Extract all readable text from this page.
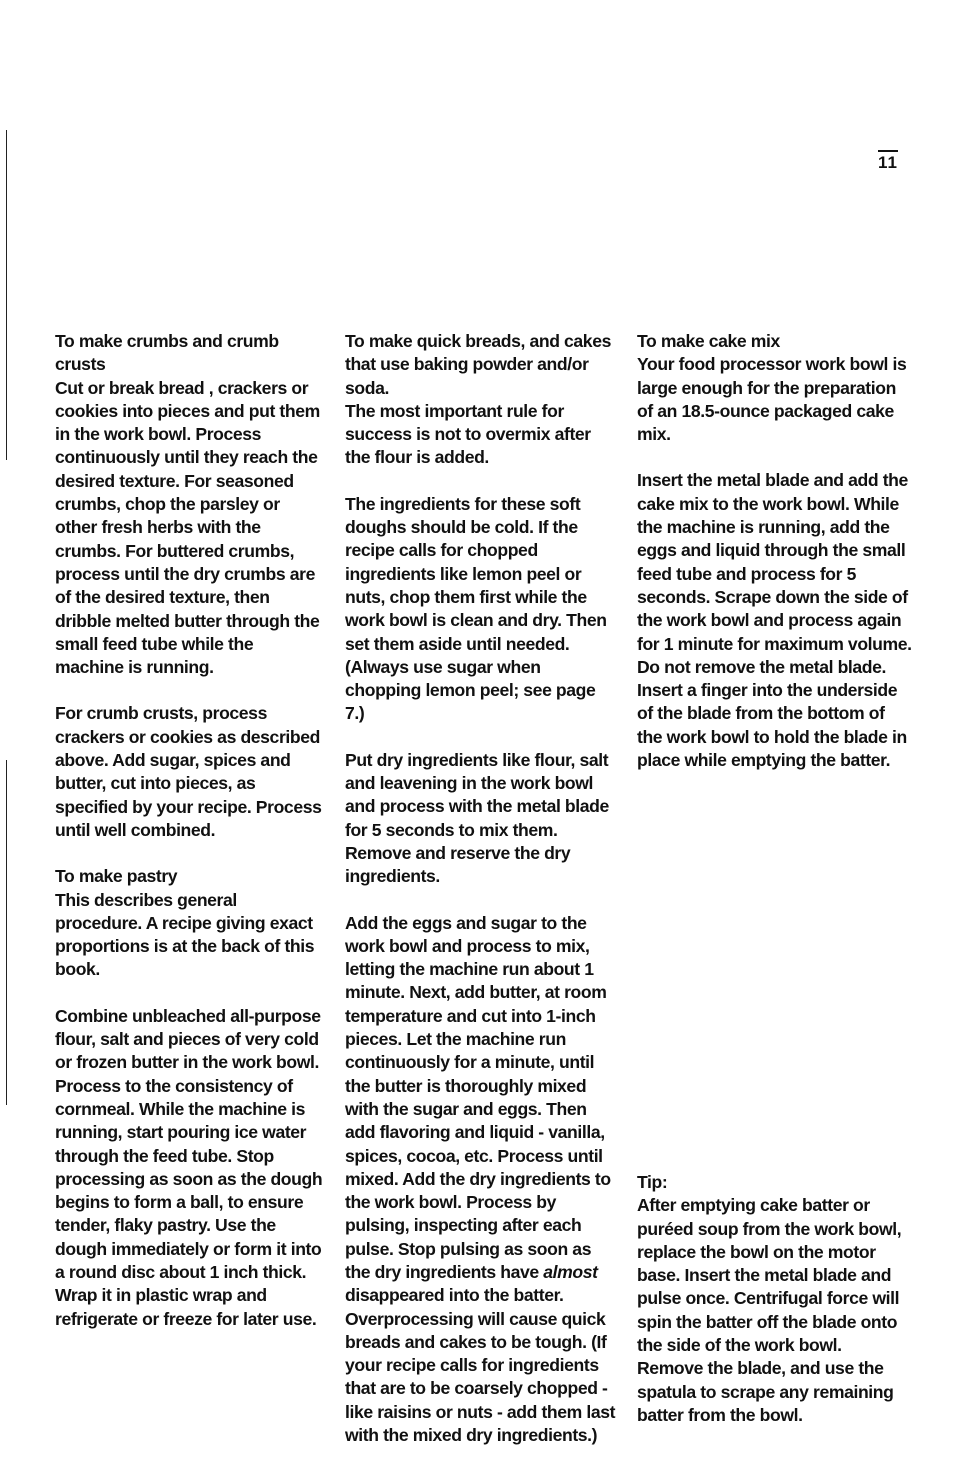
11

To make crumbs and crumb crusts

Cut or break bread , crackers or cookies into pieces and put them in the work bowl. Process continuously until they reach the desired texture. For seasoned crumbs, chop the parsley or other fresh herbs with the crumbs. For buttered crumbs, process until the dry crumbs are of the desired texture, then dribble melted butter through the small feed tube while the machine is running.

For crumb crusts, process crackers or cookies as described above. Add sugar, spices and butter, cut into pieces, as specified by your recipe. Process until well combined.

To make pastry

This describes general procedure. A recipe giving exact proportions is at the back of this book.

Combine unbleached all-purpose flour, salt and pieces of very cold or frozen butter in the work bowl. Process to the consistency of cornmeal. While the machine is running, start pouring ice water through the feed tube. Stop processing as soon as the dough begins to form a ball, to ensure tender, flaky pastry. Use the dough immediately or form it into a round disc about 1 inch thick. Wrap it in plastic wrap and refrigerate or freeze for later use.

To make quick breads, and cakes that use baking powder and/or soda.

The most important rule for success is not to overmix after the flour is added.

The ingredients for these soft doughs should be cold. If the recipe calls for chopped ingredients like lemon peel or nuts, chop them first while the work bowl is clean and dry. Then set them aside until needed. (Always use sugar when chopping lemon peel; see page 7.)

Put dry ingredients like flour, salt and leavening in the work bowl and process with the metal blade for 5 seconds to mix them. Remove and reserve the dry ingredients.

Add the eggs and sugar to the work bowl and process to mix, letting the machine run about 1 minute. Next, add butter, at room temperature and cut into 1-inch pieces. Let the machine run continuously for a minute, until the butter is thoroughly mixed with the sugar and eggs. Then add flavoring and liquid - vanilla, spices, cocoa, etc. Process until mixed. Add the dry ingredients to the work bowl. Process by pulsing, inspecting after each pulse. Stop pulsing as soon as the dry ingredients have almost disappeared into the batter. Overprocessing will cause quick breads and cakes to be tough. (If your recipe calls for ingredients that are to be coarsely chopped - like raisins or nuts - add them last with the mixed dry ingredients.)

To make cake mix

Your food processor work bowl is large enough for the preparation of an 18.5-ounce packaged cake mix.

Insert the metal blade and add the cake mix to the work bowl. While the machine is running, add the eggs and liquid through the small feed tube and process for 5 seconds. Scrape down the side of the work bowl and process again for 1 minute for maximum volume. Do not remove the metal blade. Insert a finger into the underside of the blade from the bottom of the work bowl to hold the blade in place while emptying the batter.

Tip:

After emptying cake batter or puréed soup from the work bowl, replace the bowl on the motor base. Insert the metal blade and pulse once. Centrifugal force will spin the batter off the blade onto the side of the work bowl. Remove the blade, and use the spatula to scrape any remaining batter from the bowl.
